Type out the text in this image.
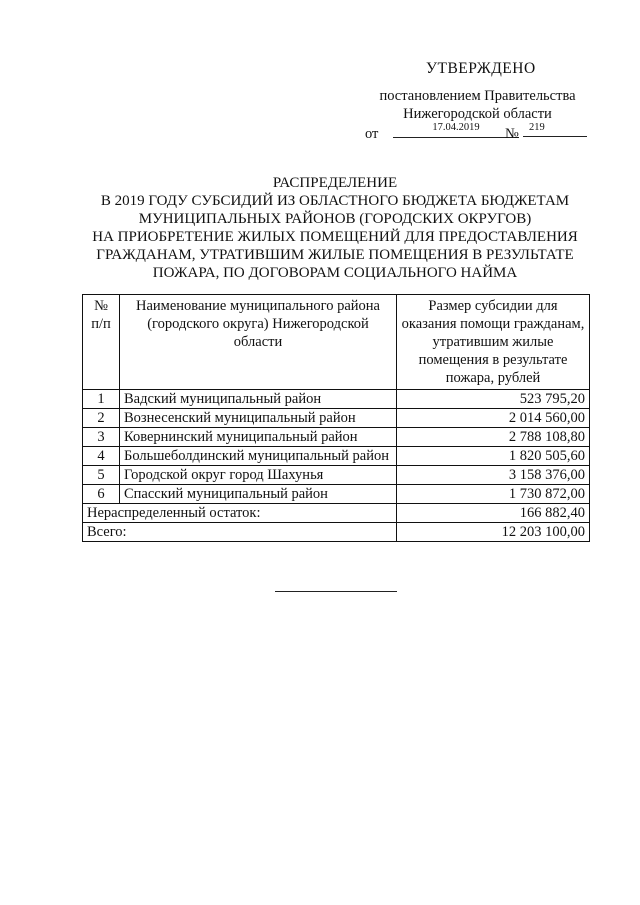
УТВЕРЖДЕНО
постановлением Правительства
Нижегородской области
от	17.04.2019	№ 219
РАСПРЕДЕЛЕНИЕ
В 2019 ГОДУ СУБСИДИЙ ИЗ ОБЛАСТНОГО БЮДЖЕТА БЮДЖЕТАМ
МУНИЦИПАЛЬНЫХ РАЙОНОВ (ГОРОДСКИХ ОКРУГОВ)
НА ПРИОБРЕТЕНИЕ ЖИЛЫХ ПОМЕЩЕНИЙ ДЛЯ ПРЕДОСТАВЛЕНИЯ
ГРАЖДАНАМ, УТРАТИВШИМ ЖИЛЫЕ ПОМЕЩЕНИЯ В РЕЗУЛЬТАТЕ
ПОЖАРА, ПО ДОГОВОРАМ СОЦИАЛЬНОГО НАЙМА
№ п/п	Наименование муниципального района (городского округа) Нижегородской области	Размер субсидии для оказания помощи гражданам, утратившим жилые помещения в результате пожара, рублей
1	Вадский муниципальный район	523 795,20
2	Вознесенский муниципальный район	2 014 560,00
3	Ковернинский муниципальный район	2 788 108,80
4	Большеболдинский муниципальный район	1 820 505,60
5	Городской округ город Шахунья	3 158 376,00
6	Спасский муниципальный район	1 730 872,00
Нераспределенный остаток:		166 882,40
Всего:		12 203 100,00
